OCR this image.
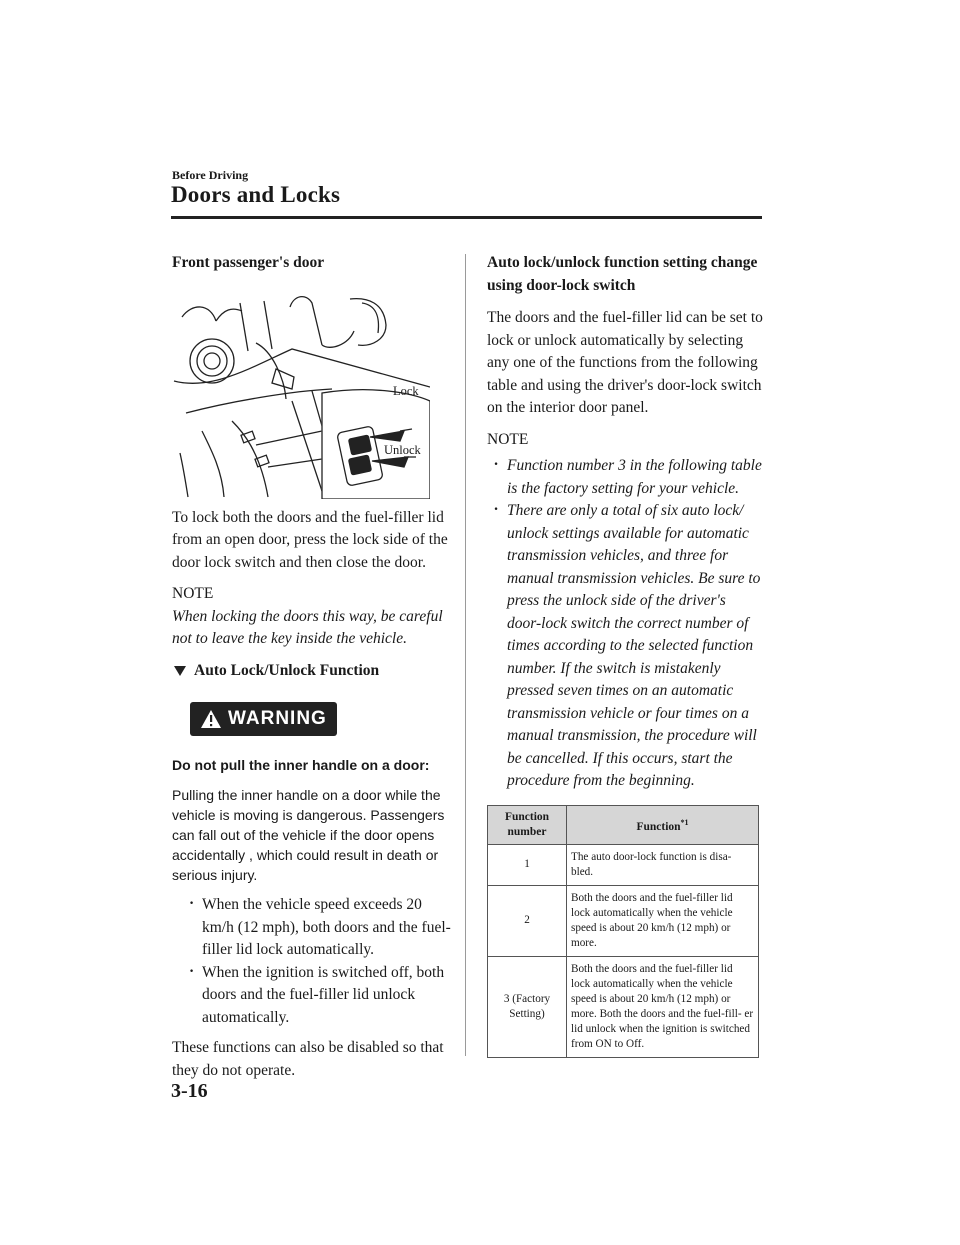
Before Driving
Doors and Locks

Front passenger's door

To lock both the doors and the fuel-filler lid from an open door, press the lock side of the door lock switch and then close the door.

NOTE

When locking the doors this way, be careful not to leave the key inside the vehicle.

Auto Lock/Unlock Function
WARNING

Do not pull the inner handle on a door:

Pulling the inner handle on a door while the vehicle is moving is dangerous. Passengers can fall out of the vehicle if the door opens accidentally , which could result in death or serious injury.

· When the vehicle speed exceeds 20 km/h (12 mph), both doors and the fuel-filler lid lock automatically.
· When the ignition is switched off, both doors and the fuel-filler lid unlock automatically.

These functions can also be disabled so that they do not operate.

Lock
Unlock

Auto lock/unlock function setting change using door-lock switch

The doors and the fuel-filler lid can be set to lock or unlock automatically by selecting any one of the functions from the following table and using the driver's door-lock switch on the interior door panel.

NOTE

· Function number 3 in the following table is the factory setting for your vehicle.
· There are only a total of six auto lock/ unlock settings available for automatic transmission vehicles, and three for manual transmission vehicles. Be sure to press the unlock side of the driver's door-lock switch the correct number of times according to the selected function number. If the switch is mistakenly pressed seven times on an automatic transmission vehicle or four times on a manual transmission, the procedure will be cancelled. If this occurs, start the procedure from the beginning.
Function number	Function$^{*1}$
1	The auto door-lock function is disa- bled.
2	Both the doors and the fuel-filler lid lock automatically when the vehicle speed is about 20 km/h (12 mph) or more.
3 (Factory Setting)	Both the doors and the fuel-filler lid lock automatically when the vehicle speed is about 20 km/h (12 mph) or more. Both the doors and the fuel-fill- er lid unlock when the ignition is switched from ON to Off.
3-16
